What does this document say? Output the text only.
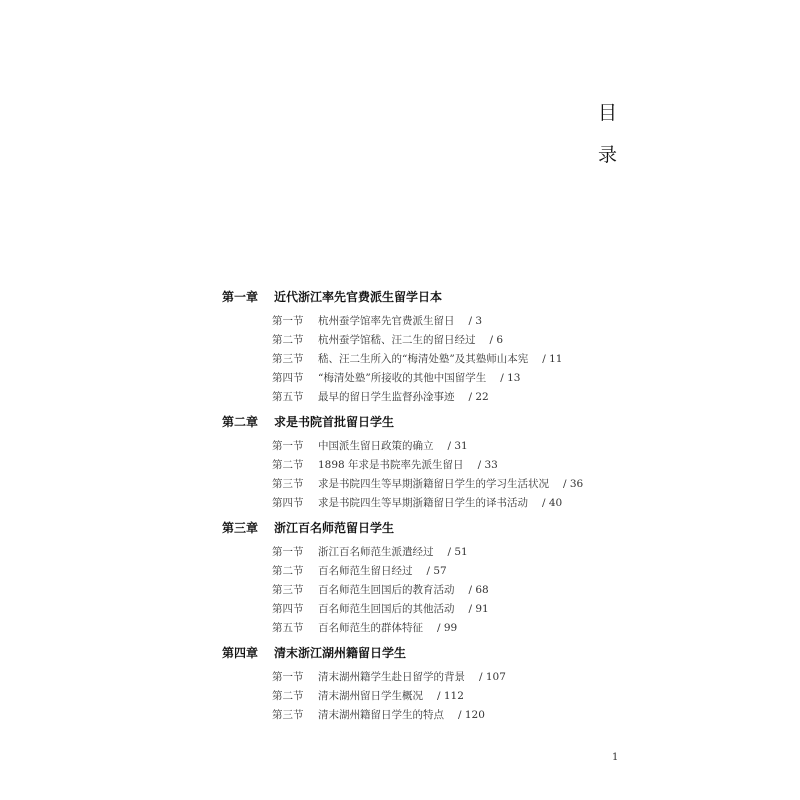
目
录
第一章	近代浙江率先官费派生留学日本
第一节	杭州蚕学馆率先官费派生留日 / 3
第二节	杭州蚕学馆嵇、汪二生的留日经过 / 6
第三节	嵇、汪二生所入的“梅清处塾”及其塾师山本宪 / 11
第四节	“梅清处塾”所接收的其他中国留学生 / 13
第五节	最早的留日学生监督孙淦事迹 / 22
第二章	求是书院首批留日学生
第一节	中国派生留日政策的确立 / 31
第二节	1898 年求是书院率先派生留日 / 33
第三节	求是书院四生等早期浙籍留日学生的学习生活状况 / 36
第四节	求是书院四生等早期浙籍留日学生的译书活动 / 40
第三章	浙江百名师范留日学生
第一节	浙江百名师范生派遣经过 / 51
第二节	百名师范生留日经过 / 57
第三节	百名师范生回国后的教育活动 / 68
第四节	百名师范生回国后的其他活动 / 91
第五节	百名师范生的群体特征 / 99
第四章	清末浙江湖州籍留日学生
第一节	清末湖州籍学生赴日留学的背景 / 107
第二节	清末湖州留日学生概况 / 112
第三节	清末湖州籍留日学生的特点 / 120
1
